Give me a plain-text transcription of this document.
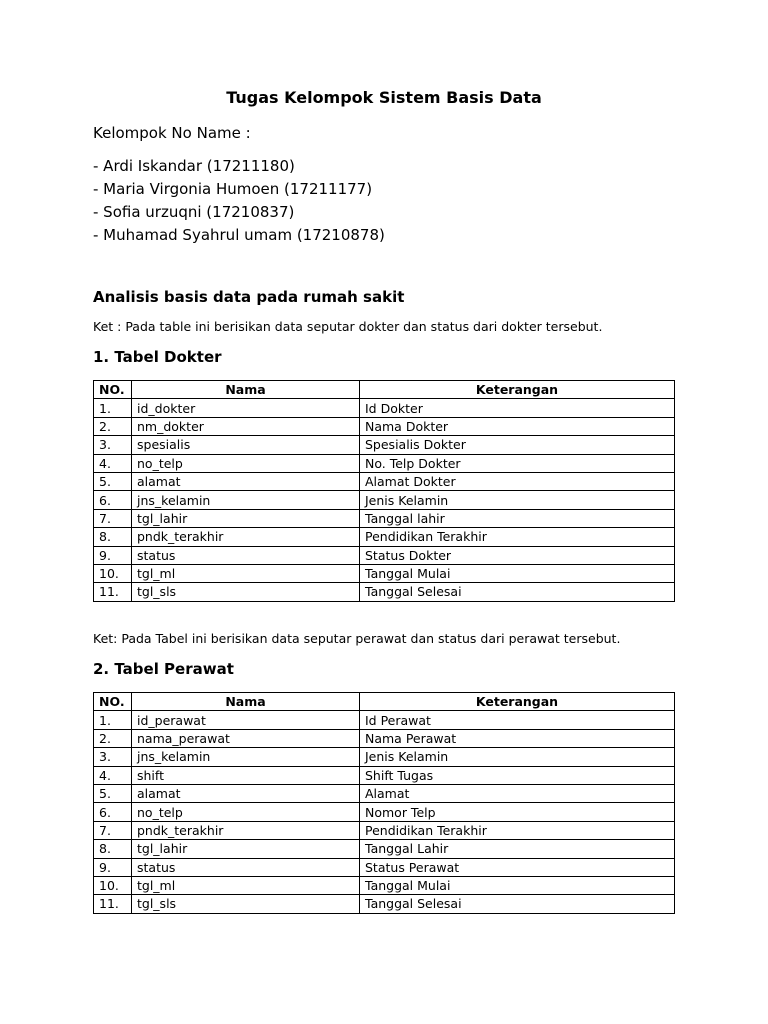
Tugas Kelompok Sistem Basis Data
Kelompok No Name :
- Ardi Iskandar (17211180)
- Maria Virgonia Humoen (17211177)
- Sofia urzuqni (17210837)
- Muhamad Syahrul umam (17210878)
Analisis basis data pada rumah sakit
Ket : Pada table ini berisikan data seputar dokter dan status dari dokter tersebut.
1. Tabel Dokter
NO.	Nama	Keterangan
1.	id_dokter	Id Dokter
2.	nm_dokter	Nama Dokter
3.	spesialis	Spesialis Dokter
4.	no_telp	No. Telp Dokter
5.	alamat	Alamat Dokter
6.	jns_kelamin	Jenis Kelamin
7.	tgl_lahir	Tanggal lahir
8.	pndk_terakhir	Pendidikan Terakhir
9.	status	Status Dokter
10.	tgl_ml	Tanggal Mulai
11.	tgl_sls	Tanggal Selesai
Ket: Pada Tabel ini berisikan data seputar perawat dan status dari perawat tersebut.
2. Tabel Perawat
NO.	Nama	Keterangan
1.	id_perawat	Id Perawat
2.	nama_perawat	Nama Perawat
3.	jns_kelamin	Jenis Kelamin
4.	shift	Shift Tugas
5.	alamat	Alamat
6.	no_telp	Nomor Telp
7.	pndk_terakhir	Pendidikan Terakhir
8.	tgl_lahir	Tanggal Lahir
9.	status	Status Perawat
10.	tgl_ml	Tanggal Mulai
11.	tgl_sls	Tanggal Selesai
